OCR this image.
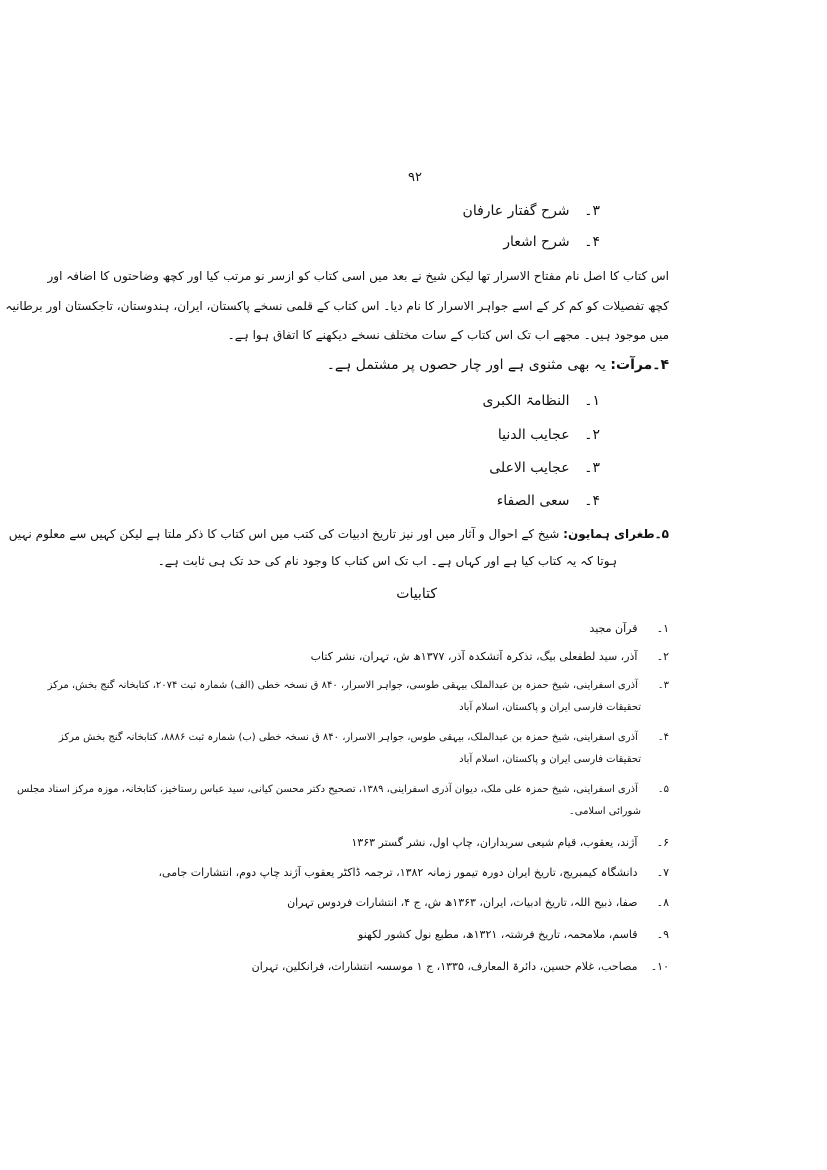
۹۲
۳۔ شرح گفتار عارفان
۴۔ شرح اشعار
اس کتاب کا اصل نام مفتاح الاسرار تھا لیکن شیخ نے بعد میں اسی کتاب کو ازسر نو مرتب کیا اور کچھ وضاحتوں کا اضافہ اور
کچھ تفصیلات کو کم کر کے اسے جواہر الاسرار کا نام دیا۔ اس کتاب کے قلمی نسخے پاکستان، ایران، ہندوستان، تاجکستان اور برطانیہ
میں موجود ہیں۔ مجھے اب تک اس کتاب کے سات مختلف نسخے دیکھنے کا اتفاق ہوا ہے۔
۴۔مرآت: یہ بھی مثنوی ہے اور چار حصوں پر مشتمل ہے۔
۱۔ النظامۃ الکبری
۲۔ عجایب الدنیا
۳۔ عجایب الاعلی
۴۔ سعی الصفاء
۵۔طغرای ہمایون: شیخ کے احوال و آثار میں اور نیز تاریخ ادبیات کی کتب میں اس کتاب کا ذکر ملتا ہے لیکن کہیں سے معلوم نہیں
ہوتا کہ یہ کتاب کیا ہے اور کہاں ہے۔ اب تک اس کتاب کا وجود نام کی حد تک ہی ثابت ہے۔
کتابیات
۱۔ قرآن مجید
۲۔ آذر، سید لطفعلی بیگ، تذکرہ آتشکدہ آذر، ۱۳۷۷ھ ش، تہران، نشر کتاب
۳۔ آذری اسفراینی، شیخ حمزہ بن عبدالملک بیہقی طوسی، جواہر الاسرار، ۸۴۰ ق نسخہ خطی (الف) شمارہ ثبت ۲۰۷۴، کتابخانہ گنج بخش، مرکز
تحقیقات فارسی ایران و پاکستان، اسلام آباد
۴۔ آذری اسفراینی، شیخ حمزہ بن عبدالملک، بیہقی طوس، جواہر الاسرار، ۸۴۰ ق نسخہ خطی (ب) شمارہ ثبت ۸۸۸۶، کتابخانہ گنج بخش مرکز
تحقیقات فارسی ایران و پاکستان، اسلام آباد
۵۔ آذری اسفراینی، شیخ حمزہ علی ملک، دیوان آذری اسفراینی، ۱۳۸۹، تصحیح دکتر محسن کیانی، سید عباس رستاخیز، کتابخانہ، موزہ مرکز اسناد مجلس
شورائی اسلامی۔
۶۔ آژند، یعقوب، قیام شیعی سربداران، چاپ اول، نشر گستر ۱۳۶۳
۷۔ دانشگاہ کیمبریج، تاریخ ایران دورہ تیمور زمانہ ۱۳۸۲، ترجمہ ڈاکٹر یعقوب آژند چاپ دوم، انتشارات جامی،
۸۔ صفا، ذبیح اللہ، تاریخ ادبیات، ایران، ۱۳۶۳ھ ش، ج ۴، انتشارات فردوس تہران
۹۔ قاسم، ملامحمہ، تاریخ فرشتہ، ۱۳۲۱ھ، مطبع نول کشور لکھنو
۱۰۔ مصاحب، غلام حسین، دائرۃ المعارف، ۱۳۳۵، ج ۱ موسسہ انتشارات، فرانکلین، تہران
